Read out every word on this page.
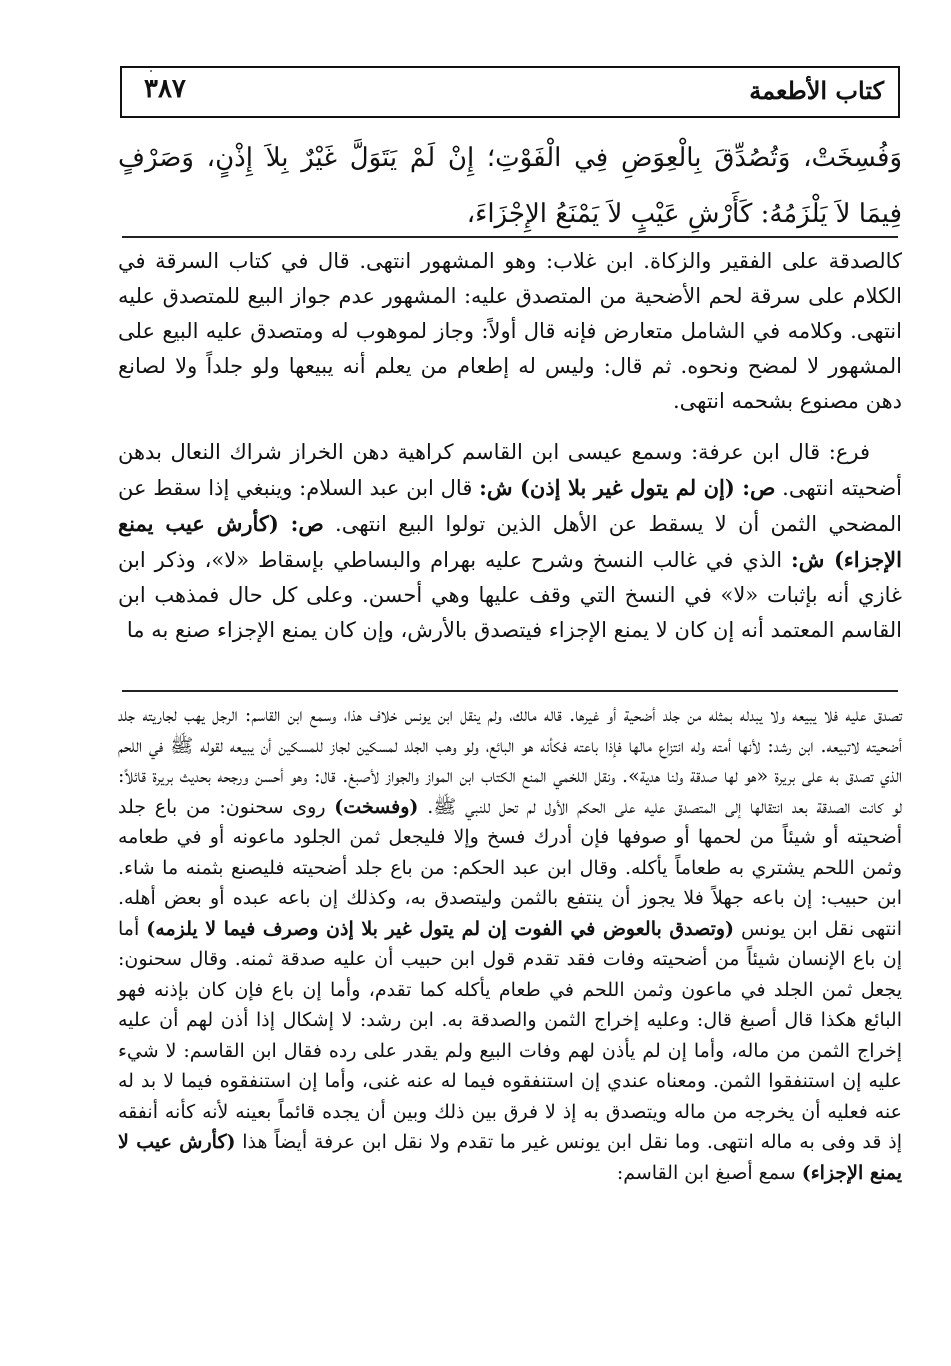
كتاب الأطعمة
٣٨٧
وَفُسِخَتْ، وَتُصُدِّقَ بِالْعِوَضِ فِي الْفَوْتِ؛ إِنْ لَمْ يَتَوَلَّ غَيْرٌ بِلاَ إِذْنٍ، وَصَرْفٍ فِيمَا لاَ يَلْزَمُهُ: كَأَرْشِ عَيْبٍ لاَ يَمْنَعُ الإِجْزَاءَ،

كالصدقة على الفقير والزكاة. ابن غلاب: وهو المشهور انتهى. قال في كتاب السرقة في الكلام على سرقة لحم الأضحية من المتصدق عليه: المشهور عدم جواز البيع للمتصدق عليه انتهى. وكلامه في الشامل متعارض فإنه قال أولاً: وجاز لموهوب له ومتصدق عليه البيع على المشهور لا لمضح ونحوه. ثم قال: وليس له إطعام من يعلم أنه يبيعها ولو جلداً ولا لصانع دهن مصنوع بشحمه انتهى.

فرع: قال ابن عرفة: وسمع عيسى ابن القاسم كراهية دهن الخراز شراك النعال بدهن أضحيته انتهى. ص: (إن لم يتول غير بلا إذن) ش: قال ابن عبد السلام: وينبغي إذا سقط عن المضحي الثمن أن لا يسقط عن الأهل الذين تولوا البيع انتهى. ص: (كأرش عيب يمنع الإجزاء) ش: الذي في غالب النسخ وشرح عليه بهرام والبساطي بإسقاط «لا»، وذكر ابن غازي أنه بإثبات «لا» في النسخ التي وقف عليها وهي أحسن. وعلى كل حال فمذهب ابن القاسم المعتمد أنه إن كان لا يمنع الإجزاء فيتصدق بالأرش، وإن كان يمنع الإجزاء صنع به ما

تصدق عليه فلا يبيعه ولا يبدله بمثله من جلد أضحية أو غيرها. قاله مالك، ولم ينقل ابن يونس خلاف هذا، وسمع ابن القاسم: الرجل يهب لجاريته جلد أضحيته لاتبيعه. ابن رشد: لأنها أمته وله انتزاع مالها فإذا باعته فكأنه هو البائع، ولو وهب الجلد لمسكين لجاز للمسكين أن يبيعه لقوله ﷺ في اللحم الذي تصدق به على بريرة «هو لها صدقة ولنا هدية». ونقل اللخمي المنع الكتاب ابن المواز والجواز لأصبغ. قال: وهو أحسن ورجحه بحديث بريرة قائلاً: لو كانت الصدقة بعد انتقالها إلى المتصدق عليه على الحكم الأول لم تحل للنبي ﷺ. (وفسخت) روى سحنون: من باع جلد أضحيته أو شيئاً من لحمها أو صوفها فإن أدرك فسخ وإلا فليجعل ثمن الجلود ماعونه أو في طعامه وثمن اللحم يشتري به طعاماً يأكله. وقال ابن عبد الحكم: من باع جلد أضحيته فليصنع بثمنه ما شاء. ابن حبيب: إن باعه جهلاً فلا يجوز أن ينتفع بالثمن وليتصدق به، وكذلك إن باعه عبده أو بعض أهله. انتهى نقل ابن يونس (وتصدق بالعوض في الفوت إن لم يتول غير بلا إذن وصرف فيما لا يلزمه) أما إن باع الإنسان شيئاً من أضحيته وفات فقد تقدم قول ابن حبيب أن عليه صدقة ثمنه. وقال سحنون: يجعل ثمن الجلد في ماعون وثمن اللحم في طعام يأكله كما تقدم، وأما إن باع فإن كان بإذنه فهو البائع هكذا قال أصبغ قال: وعليه إخراج الثمن والصدقة به. ابن رشد: لا إشكال إذا أذن لهم أن عليه إخراج الثمن من ماله، وأما إن لم يأذن لهم وفات البيع ولم يقدر على رده فقال ابن القاسم: لا شيء عليه إن استنفقوا الثمن. ومعناه عندي إن استنفقوه فيما له عنه غنى، وأما إن استنفقوه فيما لا بد له عنه فعليه أن يخرجه من ماله ويتصدق به إذ لا فرق بين ذلك وبين أن يجده قائماً بعينه لأنه كأنه أنفقه إذ قد وفى به ماله انتهى. وما نقل ابن يونس غير ما تقدم ولا نقل ابن عرفة أيضاً هذا (كأرش عيب لا يمنع الإجزاء) سمع أصبغ ابن القاسم:
